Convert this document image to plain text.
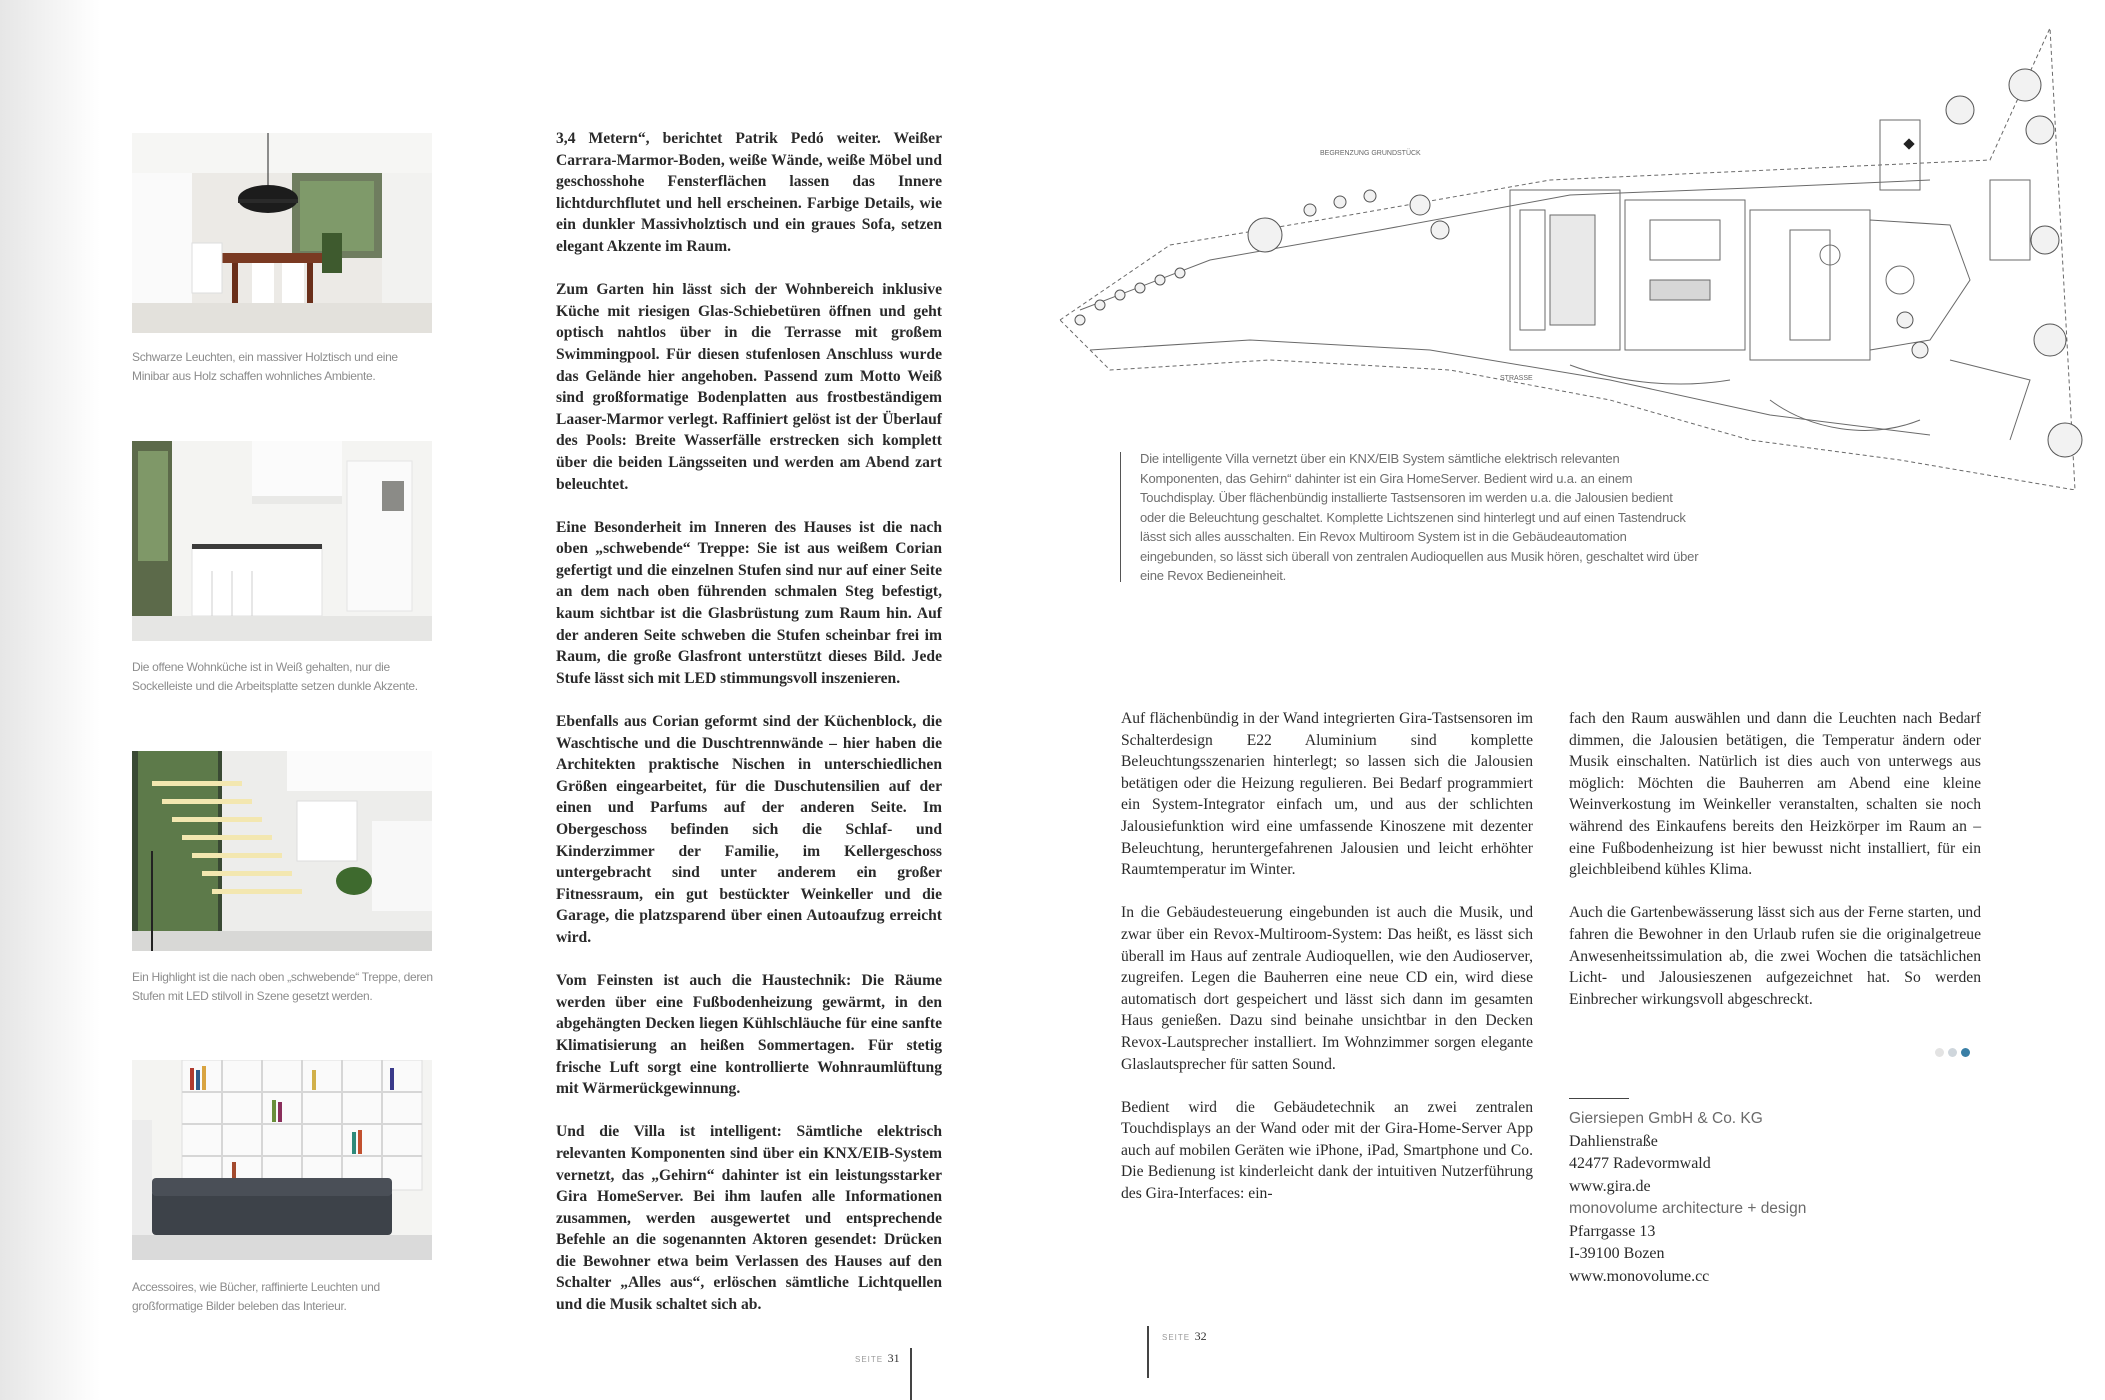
Schwarze Leuchten, ein massiver Holztisch und eine Minibar aus Holz schaffen wohnliches Ambiente.
Die offene Wohnküche ist in Weiß gehalten, nur die Sockelleiste und die Arbeitsplatte setzen dunkle Akzente.
Ein Highlight ist die nach oben „schwebende“ Treppe, deren Stufen mit LED stilvoll in Szene gesetzt werden.
Accessoires, wie Bücher, raffinierte Leuchten und großformatige Bilder beleben das Interieur.

3,4 Metern“, berichtet Patrik Pedó weiter. Weißer Carrara-Marmor-Boden, weiße Wände, weiße Möbel und geschosshohe Fensterflächen lassen das Innere lichtdurchflutet und hell erscheinen. Farbige Details, wie ein dunkler Massivholztisch und ein graues Sofa, setzen elegant Akzente im Raum.

Zum Garten hin lässt sich der Wohnbereich inklusive Küche mit riesigen Glas-Schiebetüren öffnen und geht optisch nahtlos über in die Terrasse mit großem Swimmingpool. Für diesen stufenlosen Anschluss wurde das Gelände hier angehoben. Passend zum Motto Weiß sind großformatige Bodenplatten aus frostbeständigem Laaser-Marmor verlegt. Raffiniert gelöst ist der Überlauf des Pools: Breite Wasserfälle erstrecken sich komplett über die beiden Längsseiten und werden am Abend zart beleuchtet.

Eine Besonderheit im Inneren des Hauses ist die nach oben „schwebende“ Treppe: Sie ist aus weißem Corian gefertigt und die einzelnen Stufen sind nur auf einer Seite an dem nach oben führenden schmalen Steg befestigt, kaum sichtbar ist die Glasbrüstung zum Raum hin. Auf der anderen Seite schweben die Stufen scheinbar frei im Raum, die große Glasfront unterstützt dieses Bild. Jede Stufe lässt sich mit LED stimmungsvoll inszenieren.

Ebenfalls aus Corian geformt sind der Küchenblock, die Waschtische und die Duschtrennwände – hier haben die Architekten praktische Nischen in unterschiedlichen Größen eingearbeitet, für die Duschutensilien auf der einen und Parfums auf der anderen Seite. Im Obergeschoss befinden sich die Schlaf- und Kinderzimmer der Familie, im Kellergeschoss untergebracht sind unter anderem ein großer Fitnessraum, ein gut bestückter Weinkeller und die Garage, die platzsparend über einen Autoaufzug erreicht wird.

Vom Feinsten ist auch die Haustechnik: Die Räume werden über eine Fußbodenheizung gewärmt, in den abgehängten Decken liegen Kühlschläuche für eine sanfte Klimatisierung an heißen Sommertagen. Für stetig frische Luft sorgt eine kontrollierte Wohnraumlüftung mit Wärmerückgewinnung.

Und die Villa ist intelligent: Sämtliche elektrisch relevanten Komponenten sind über ein KNX/EIB-System vernetzt, das „Gehirn“ dahinter ist ein leistungsstarker Gira HomeServer. Bei ihm laufen alle Informationen zusammen, werden ausgewertet und entsprechende Befehle an die sogenannten Aktoren gesendet: Drücken die Bewohner etwa beim Verlassen des Hauses auf den Schalter „Alles aus“, erlöschen sämtliche Lichtquellen und die Musik schaltet sich ab.

SEITE 31
BEGRENZUNG GRUNDSTÜCK
STRASSE
Die intelligente Villa vernetzt über ein KNX/EIB System sämtliche elektrisch relevanten Komponenten, das Gehirn“ dahinter ist ein Gira HomeServer. Bedient wird u.a. an einem Touchdisplay. Über flächenbündig installierte Tastsensoren im werden u.a. die Jalousien bedient oder die Beleuchtung geschaltet. Komplette Lichtszenen sind hinterlegt und auf einen Tastendruck lässt sich alles ausschalten. Ein Revox Multiroom System ist in die Gebäudeautomation eingebunden, so lässt sich überall von zentralen Audioquellen aus Musik hören, geschaltet wird über eine Revox Bedieneinheit.

Auf flächenbündig in der Wand integrierten Gira-Tastsensoren im Schalterdesign E22 Aluminium sind komplette Beleuchtungsszenarien hinterlegt; so lassen sich die Jalousien betätigen oder die Heizung regulieren. Bei Bedarf programmiert ein System-Integrator einfach um, und aus der schlichten Jalousiefunktion wird eine umfassende Kinoszene mit dezenter Beleuchtung, heruntergefahrenen Jalousien und leicht erhöhter Raumtemperatur im Winter.

In die Gebäudesteuerung eingebunden ist auch die Musik, und zwar über ein Revox-Multiroom-System: Das heißt, es lässt sich überall im Haus auf zentrale Audioquellen, wie den Audioserver, zugreifen. Legen die Bauherren eine neue CD ein, wird diese automatisch dort gespeichert und lässt sich dann im gesamten Haus genießen. Dazu sind beinahe unsichtbar in den Decken Revox-Lautsprecher installiert. Im Wohnzimmer sorgen elegante Glaslautsprecher für satten Sound.

Bedient wird die Gebäudetechnik an zwei zentralen Touchdisplays an der Wand oder mit der Gira-Home-Server App auch auf mobilen Geräten wie iPhone, iPad, Smartphone und Co. Die Bedienung ist kinderleicht dank der intuitiven Nutzerführung des Gira-Interfaces: ein-

fach den Raum auswählen und dann die Leuchten nach Bedarf dimmen, die Jalousien betätigen, die Temperatur ändern oder Musik einschalten. Natürlich ist dies auch von unterwegs aus möglich: Möchten die Bauherren am Abend eine kleine Weinverkostung im Weinkeller veranstalten, schalten sie noch während des Einkaufens bereits den Heizkörper im Raum an – eine Fußbodenheizung ist hier bewusst nicht installiert, für ein gleichbleibend kühles Klima.

Auch die Gartenbewässerung lässt sich aus der Ferne starten, und fahren die Bewohner in den Urlaub rufen sie die originalgetreue Anwesenheitssimulation ab, die zwei Wochen die tatsächlichen Licht- und Jalousieszenen aufgezeichnet hat. So werden Einbrecher wirkungsvoll abgeschreckt.

Giersiepen GmbH & Co. KG
Dahlienstraße
42477 Radevormwald
www.gira.de
monovolume architecture + design
Pfarrgasse 13
I-39100 Bozen
www.monovolume.cc
SEITE 32
